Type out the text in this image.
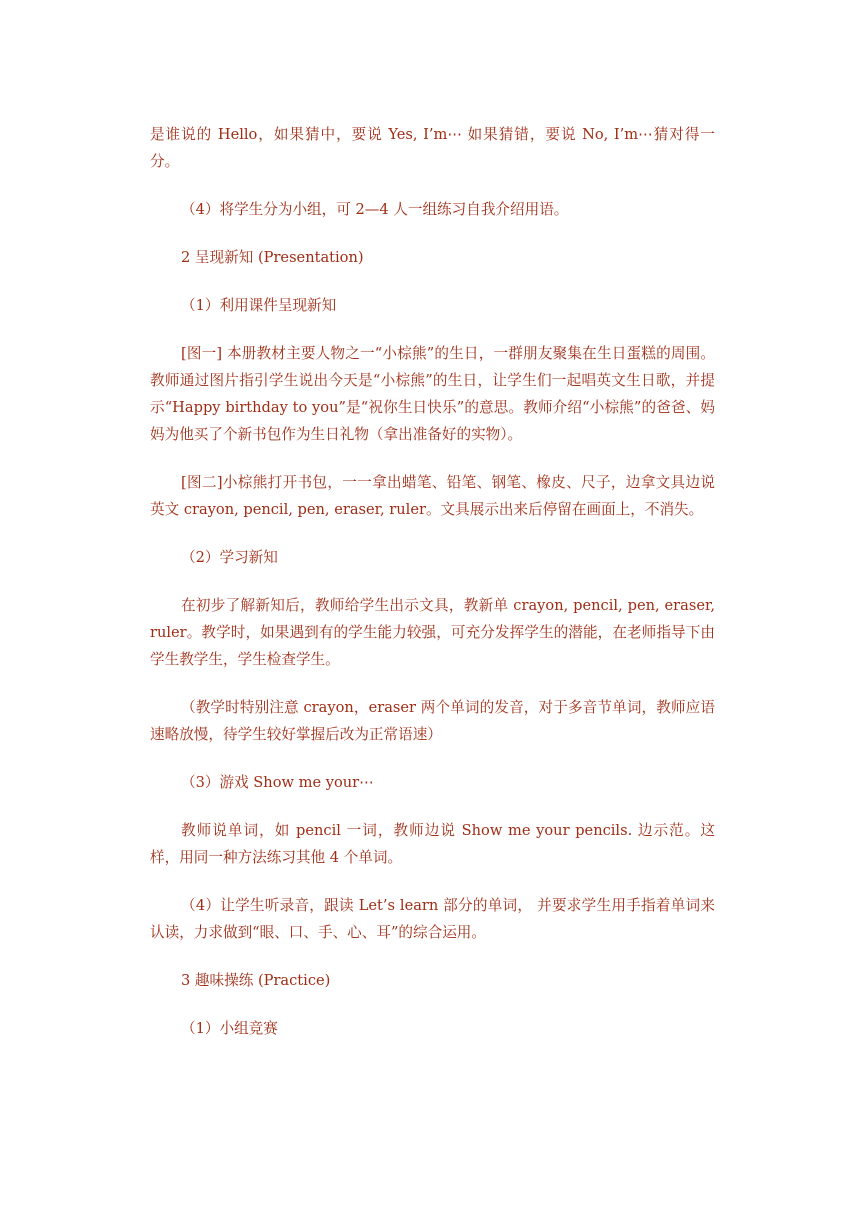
是谁说的 Hello，如果猜中，要说 Yes, I’m⋯ 如果猜错，要说 No, I’m⋯猜对得一分。

（4）将学生分为小组，可 2—4 人一组练习自我介绍用语。

2 呈现新知 (Presentation)

（1）利用课件呈现新知

[图一] 本册教材主要人物之一“小棕熊”的生日，一群朋友聚集在生日蛋糕的周围。教师通过图片指引学生说出今天是“小棕熊”的生日，让学生们一起唱英文生日歌，并提示“Happy birthday to you”是“祝你生日快乐”的意思。教师介绍“小棕熊”的爸爸、妈妈为他买了个新书包作为生日礼物（拿出准备好的实物）。

[图二]小棕熊打开书包，一一拿出蜡笔、铅笔、钢笔、橡皮、尺子，边拿文具边说英文 crayon, pencil, pen, eraser, ruler。文具展示出来后停留在画面上，不消失。

（2）学习新知

在初步了解新知后，教师给学生出示文具，教新单 crayon, pencil, pen, eraser, ruler。教学时，如果遇到有的学生能力较强，可充分发挥学生的潜能，在老师指导下由学生教学生，学生检查学生。

（教学时特别注意 crayon，eraser 两个单词的发音，对于多音节单词，教师应语速略放慢，待学生较好掌握后改为正常语速）

（3）游戏 Show me your⋯

教师说单词，如 pencil 一词，教师边说 Show me your pencils. 边示范。这样，用同一种方法练习其他 4 个单词。

（4）让学生听录音，跟读 Let’s learn 部分的单词， 并要求学生用手指着单词来认读，力求做到“眼、口、手、心、耳”的综合运用。

3 趣味操练 (Practice)

（1）小组竞赛
